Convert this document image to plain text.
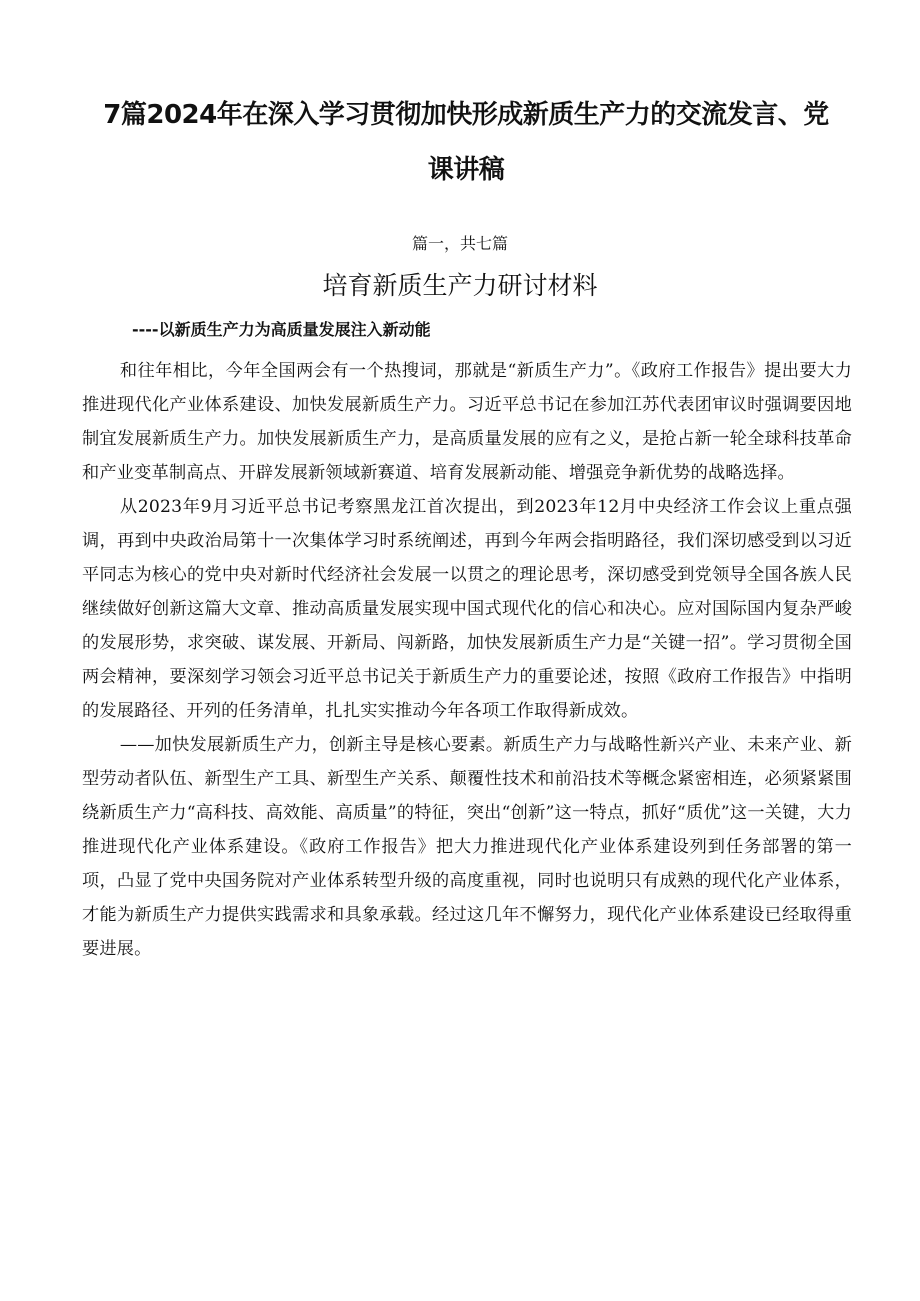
7篇2024年在深入学习贯彻加快形成新质生产力的交流发言、党课讲稿
篇一，共七篇
培育新质生产力研讨材料
----以新质生产力为高质量发展注入新动能

和往年相比，今年全国两会有一个热搜词，那就是“新质生产力”。《政府工作报告》提出要大力推进现代化产业体系建设、加快发展新质生产力。习近平总书记在参加江苏代表团审议时强调要因地制宜发展新质生产力。加快发展新质生产力，是高质量发展的应有之义，是抢占新一轮全球科技革命和产业变革制高点、开辟发展新领域新赛道、培育发展新动能、增强竞争新优势的战略选择。

从2023年9月习近平总书记考察黑龙江首次提出，到2023年12月中央经济工作会议上重点强调，再到中央政治局第十一次集体学习时系统阐述，再到今年两会指明路径，我们深切感受到以习近平同志为核心的党中央对新时代经济社会发展一以贯之的理论思考，深切感受到党领导全国各族人民继续做好创新这篇大文章、推动高质量发展实现中国式现代化的信心和决心。应对国际国内复杂严峻的发展形势，求突破、谋发展、开新局、闯新路，加快发展新质生产力是“关键一招”。学习贯彻全国两会精神，要深刻学习领会习近平总书记关于新质生产力的重要论述，按照《政府工作报告》中指明的发展路径、开列的任务清单，扎扎实实推动今年各项工作取得新成效。

——加快发展新质生产力，创新主导是核心要素。新质生产力与战略性新兴产业、未来产业、新型劳动者队伍、新型生产工具、新型生产关系、颠覆性技术和前沿技术等概念紧密相连，必须紧紧围绕新质生产力“高科技、高效能、高质量”的特征，突出“创新”这一特点，抓好“质优”这一关键，大力推进现代化产业体系建设。《政府工作报告》把大力推进现代化产业体系建设列到任务部署的第一项，凸显了党中央国务院对产业体系转型升级的高度重视，同时也说明只有成熟的现代化产业体系，才能为新质生产力提供实践需求和具象承载。经过这几年不懈努力，现代化产业体系建设已经取得重要进展。
